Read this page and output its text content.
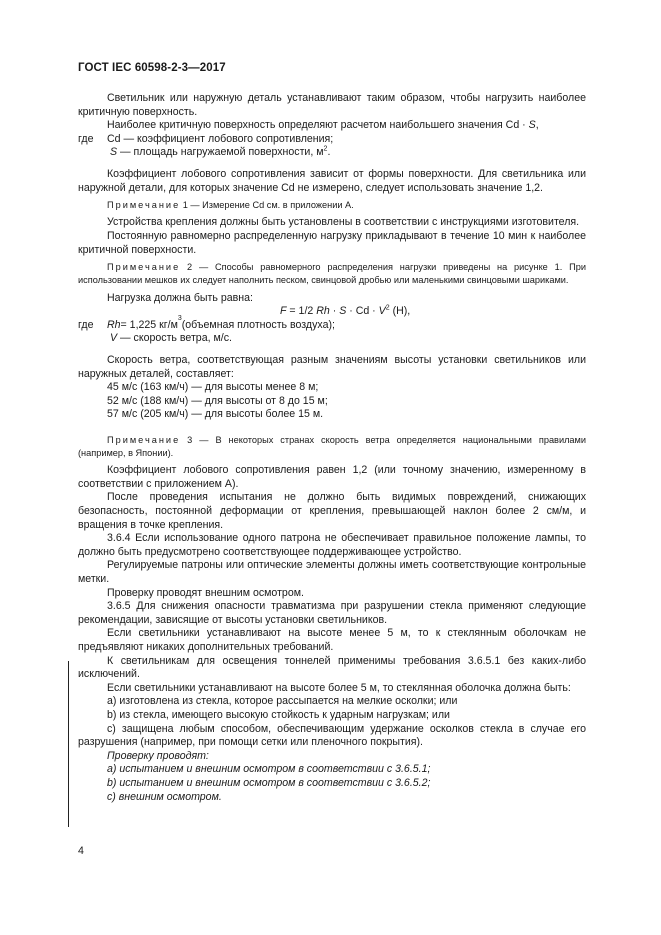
ГОСТ IEC 60598-2-3—2017

Светильник или наружную деталь устанавливают таким образом, чтобы нагрузить наиболее критичную поверхность.

Наиболее критичную поверхность определяют расчетом наибольшего значения Cd · S,

где	Cd — коэффициент лобового сопротивления;

S — площадь нагружаемой поверхности, $м^2$.

Коэффициент лобового сопротивления зависит от формы поверхности. Для светильника или наружной детали, для которых значение Cd не измерено, следует использовать значение 1,2.

Примечание 1 — Измерение Cd см. в приложении А.

Устройства крепления должны быть установлены в соответствии с инструкциями изготовителя.

Постоянную равномерно распределенную нагрузку прикладывают в течение 10 мин к наиболее критичной поверхности.

Примечание 2 — Способы равномерного распределения нагрузки приведены на рисунке 1. При использовании мешков их следует наполнить песком, свинцовой дробью или маленькими свинцовыми шариками.

Нагрузка должна быть равна:

F = 1/2 $Rh \cdot S \cdot Cd \cdot V^2$ (H),

где	Rh = 1,225 кг/м
3
(объемная плотность воздуха);

V — скорость ветра, м/с.

Скорость ветра, соответствующая разным значениям высоты установки светильников или наружных деталей, составляет:

45 м/с (163 км/ч) — для высоты менее 8 м;

52 м/с (188 км/ч) — для высоты от 8 до 15 м;

57 м/с (205 км/ч) — для высоты более 15 м.

Примечание 3 — В некоторых странах скорость ветра определяется национальными правилами (например, в Японии).

Коэффициент лобового сопротивления равен 1,2 (или точному значению, измеренному в соответствии с приложением А).

После проведения испытания не должно быть видимых повреждений, снижающих безопасность, постоянной деформации от крепления, превышающей наклон более 2 см/м, и вращения в точке крепления.

3.6.4 Если использование одного патрона не обеспечивает правильное положение лампы, то должно быть предусмотрено соответствующее поддерживающее устройство.

Регулируемые патроны или оптические элементы должны иметь соответствующие контрольные метки.

Проверку проводят внешним осмотром.

3.6.5 Для снижения опасности травматизма при разрушении стекла применяют следующие рекомендации, зависящие от высоты установки светильников.

Если светильники устанавливают на высоте менее 5 м, то к стеклянным оболочкам не предъявляют никаких дополнительных требований.

К светильникам для освещения тоннелей применимы требования 3.6.5.1 без каких-либо исключений.

Если светильники устанавливают на высоте более 5 м, то стеклянная оболочка должна быть:

а) изготовлена из стекла, которое рассыпается на мелкие осколки; или

b) из стекла, имеющего высокую стойкость к ударным нагрузкам; или

с) защищена любым способом, обеспечивающим удержание осколков стекла в случае его разрушения (например, при помощи сетки или пленочного покрытия).

Проверку проводят:

а) испытанием и внешним осмотром в соответствии с 3.6.5.1;

b) испытанием и внешним осмотром в соответствии с 3.6.5.2;

с) внешним осмотром.

4
